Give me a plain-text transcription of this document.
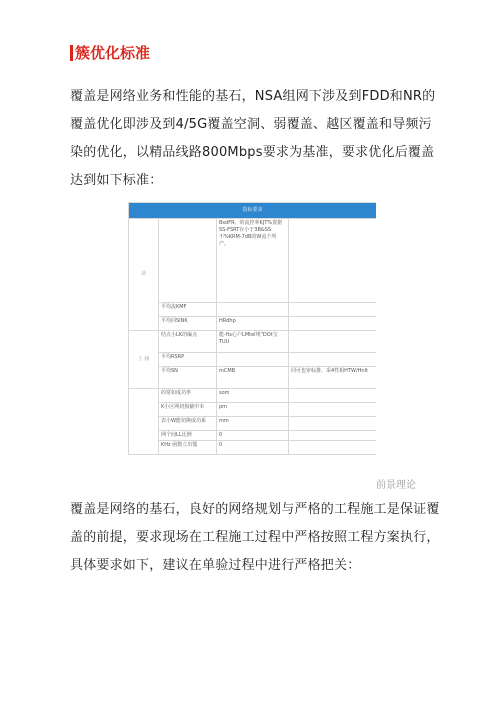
簇优化标准
覆盖是网络业务和性能的基石，NSA组网下涉及到FDD和NR的覆盖优化即涉及到4/5G覆盖空洞、弱覆盖、越区覆盖和导频污染的优化，以精品线路800Mbps要求为基准，要求优化后覆盖达到如下标准：
指标要求			
项		BsdFR、的流控率KJT%置据SS-FSRT存小于3B&SS不%KRM-7dB的W流个所产。	
	平均流KMF		
	平均回SINK	HRdhp	
上 涵	结点小LK的编点	能-fts心户LMtel规"DOt宝TUU	
	平均RSRP		
	平均SN	mCMB	同可也审标推、采4性相HTW/HnIt
	的常如成功率	som	
	K小区网切损截中本	pm	
	表小W能切换成功系	mm	
	网个间LL比例	0	
	KHz 函数立出馏	0	
前景理论
覆盖是网络的基石，良好的网络规划与严格的工程施工是保证覆盖的前提，要求现场在工程施工过程中严格按照工程方案执行，具体要求如下，建议在单验过程中进行严格把关：
